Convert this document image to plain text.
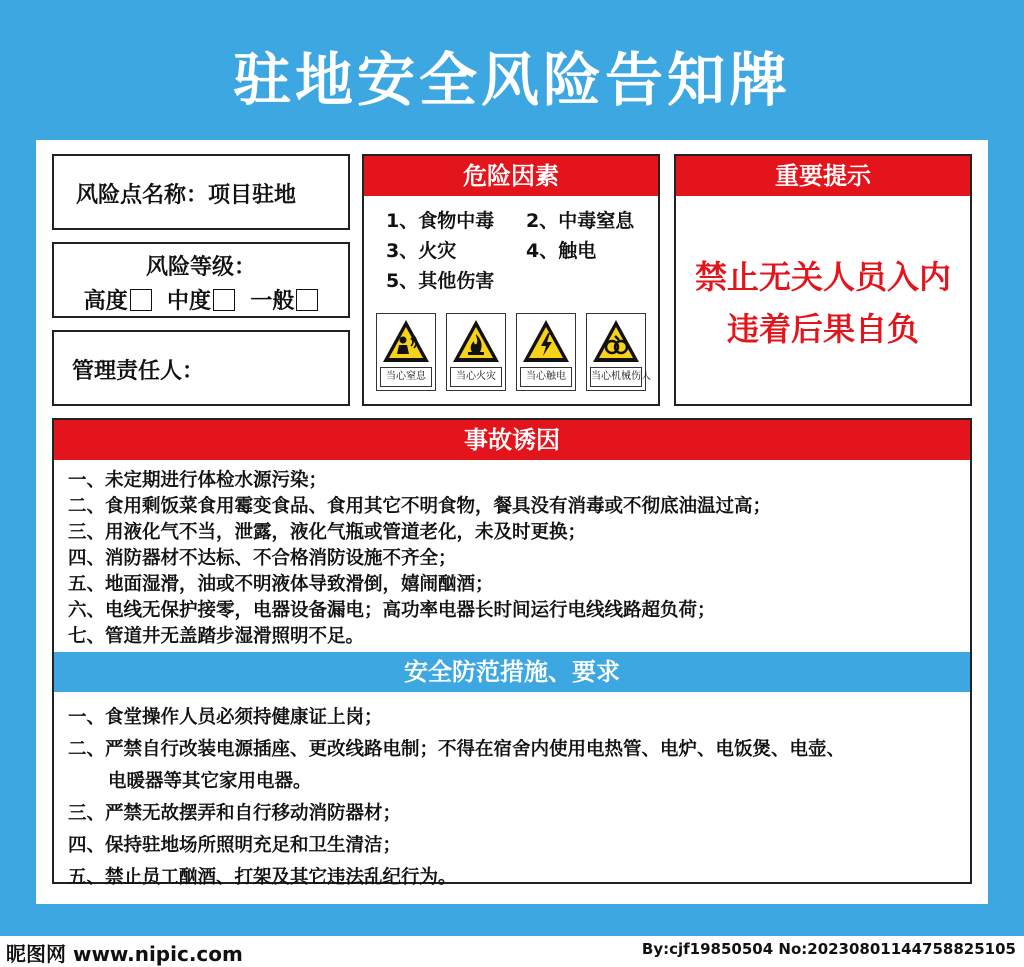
驻地安全风险告知牌
风险点名称：项目驻地
风险等级：
高度 中度 一般
管理责任人：
危险因素
1、食物中毒 2、中毒窒息
3、火灾	4、触电
5、其他伤害
当心窒息	当心火灾	当心触电	当心机械伤人
重要提示
禁止无关人员入内
违着后果自负
事故诱因
一、未定期进行体检水源污染；
二、食用剩饭菜食用霉变食品、食用其它不明食物，餐具没有消毒或不彻底油温过高；
三、用液化气不当，泄露，液化气瓶或管道老化，未及时更换；
四、消防器材不达标、不合格消防设施不齐全；
五、地面湿滑，油或不明液体导致滑倒，嬉闹酗酒；
六、电线无保护接零，电器设备漏电；高功率电器长时间运行电线线路超负荷；
七、管道井无盖踏步湿滑照明不足。
安全防范措施、要求
一、食堂操作人员必须持健康证上岗；
二、严禁自行改装电源插座、更改线路电制；不得在宿舍内使用电热管、电炉、电饭煲、电壶、
电暖器等其它家用电器。
三、严禁无故摆弄和自行移动消防器材；
四、保持驻地场所照明充足和卫生清洁；
五、禁止员工酗酒、打架及其它违法乱纪行为。
昵图网 www.nipic.com	By:cjf19850504 No:20230801144758825105
